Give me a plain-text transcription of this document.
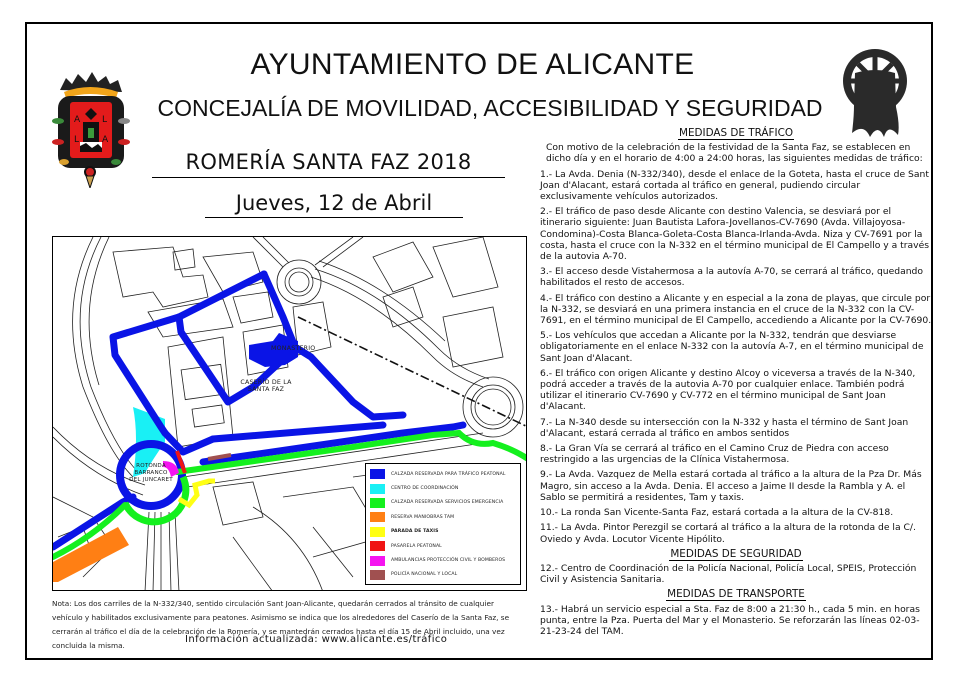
A L
L	A
AYUNTAMIENTO DE ALICANTE
CONCEJALÍA DE MOVILIDAD, ACCESIBILIDAD Y SEGURIDAD
ROMERÍA SANTA FAZ 2018
Jueves, 12 de Abril
MONASTERIO
CASERÍO DE LA
SANTA FAZ
ROTONDA
BARRANCO
DEL JUNCARET
CALZADA RESERVADA PARA TRÁFICO PEATONAL
CENTRO DE COORDINACIÓN
CALZADA RESERVADA SERVICIOS EMERGENCIA
RESERVA MANIOBRAS TAM
PARADA DE TAXIS
PASARELA PEATONAL
AMBULANCIAS PROTECCIÓN CIVIL Y BOMBEROS
POLICÍA NACIONAL Y LOCAL
Nota: Los dos carriles de la N-332/340, sentido circulación Sant Joan-Alicante, quedarán cerrados al tránsito de cualquier vehículo y habilitados exclusivamente para peatones. Asimismo se indica que los alrededores del Caserío de la Santa Faz, se cerrarán al tráfico el día de la celebración de la Romería, y se mantedrán cerrados hasta el día 15 de Abril incluido, una vez concluida la misma.
Información actualizada: www.alicante.es/tráfico
MEDIDAS DE TRÁFICO

Con motivo de la celebración de la festividad de la Santa Faz, se establecen en dicho día y en el horario de 4:00 a 24:00 horas, las siguientes medidas de tráfico:

1.- La Avda. Denia (N-332/340), desde el enlace de la Goteta, hasta el cruce de Sant Joan d'Alacant, estará cortada al tráfico en general, pudiendo circular exclusivamente vehículos autorizados.

2.- El tráfico de paso desde Alicante con destino Valencia, se desviará por el itinerario siguiente: Juan Bautista Lafora-Jovellanos-CV-7690 (Avda. Villajoyosa-Condomina)-Costa Blanca-Goleta-Costa Blanca-Irlanda-Avda. Niza y CV-7691 por la costa, hasta el cruce con la N-332 en el término municipal de El Campello y a través de la autovia A-70.

3.- El acceso desde Vistahermosa a la autovía A-70, se cerrará al tráfico, quedando habilitados el resto de accesos.

4.- El tráfico con destino a Alicante y en especial a la zona de playas, que circule por la N-332, se desviará en una primera instancia en el cruce de la N-332 con la CV-7691, en el término municipal de El Campello, accediendo a Alicante por la CV-7690.

5.- Los vehículos que accedan a Alicante por la N-332, tendrán que desviarse obligatoriamente en el enlace N-332 con la autovía A-7, en el término municipal de Sant Joan d'Alacant.

6.- El tráfico con origen Alicante y destino Alcoy o viceversa a través de la N-340, podrá acceder a través de la autovia A-70 por cualquier enlace. También podrá utilizar el itinerario CV-7690 y CV-772 en el término municipal de Sant Joan d'Alacant.

7.- La N-340 desde su intersección con la N-332 y hasta el término de Sant Joan d'Alacant, estará cerrada al tráfico en ambos sentidos

8.- La Gran Vía se cerrará al tráfico en el Camino Cruz de Piedra con acceso restringido a las urgencias de la Clínica Vistahermosa.

9.- La Avda. Vazquez de Mella estará cortada al tráfico a la altura de la Pza Dr. Más Magro, sin acceso a la Avda. Denia. El acceso a Jaime II desde la Rambla y A. el Sablo se permitirá a residentes, Tam y taxis.

10.- La ronda San Vicente-Santa Faz, estará cortada a la altura de la CV-818.

11.- La Avda. Pintor Perezgil se cortará al tráfico a la altura de la rotonda de la C/. Oviedo y Avda. Locutor Vicente Hipólito.

MEDIDAS DE SEGURIDAD

12.- Centro de Coordinación de la Policía Nacional, Policía Local, SPEIS, Protección Civil y Asistencia Sanitaria.

MEDIDAS DE TRANSPORTE

13.- Habrá un servicio especial a Sta. Faz de 8:00 a 21:30 h., cada 5 min. en horas punta, entre la Pza. Puerta del Mar y el Monasterio. Se reforzarán las líneas 02-03-21-23-24 del TAM.
